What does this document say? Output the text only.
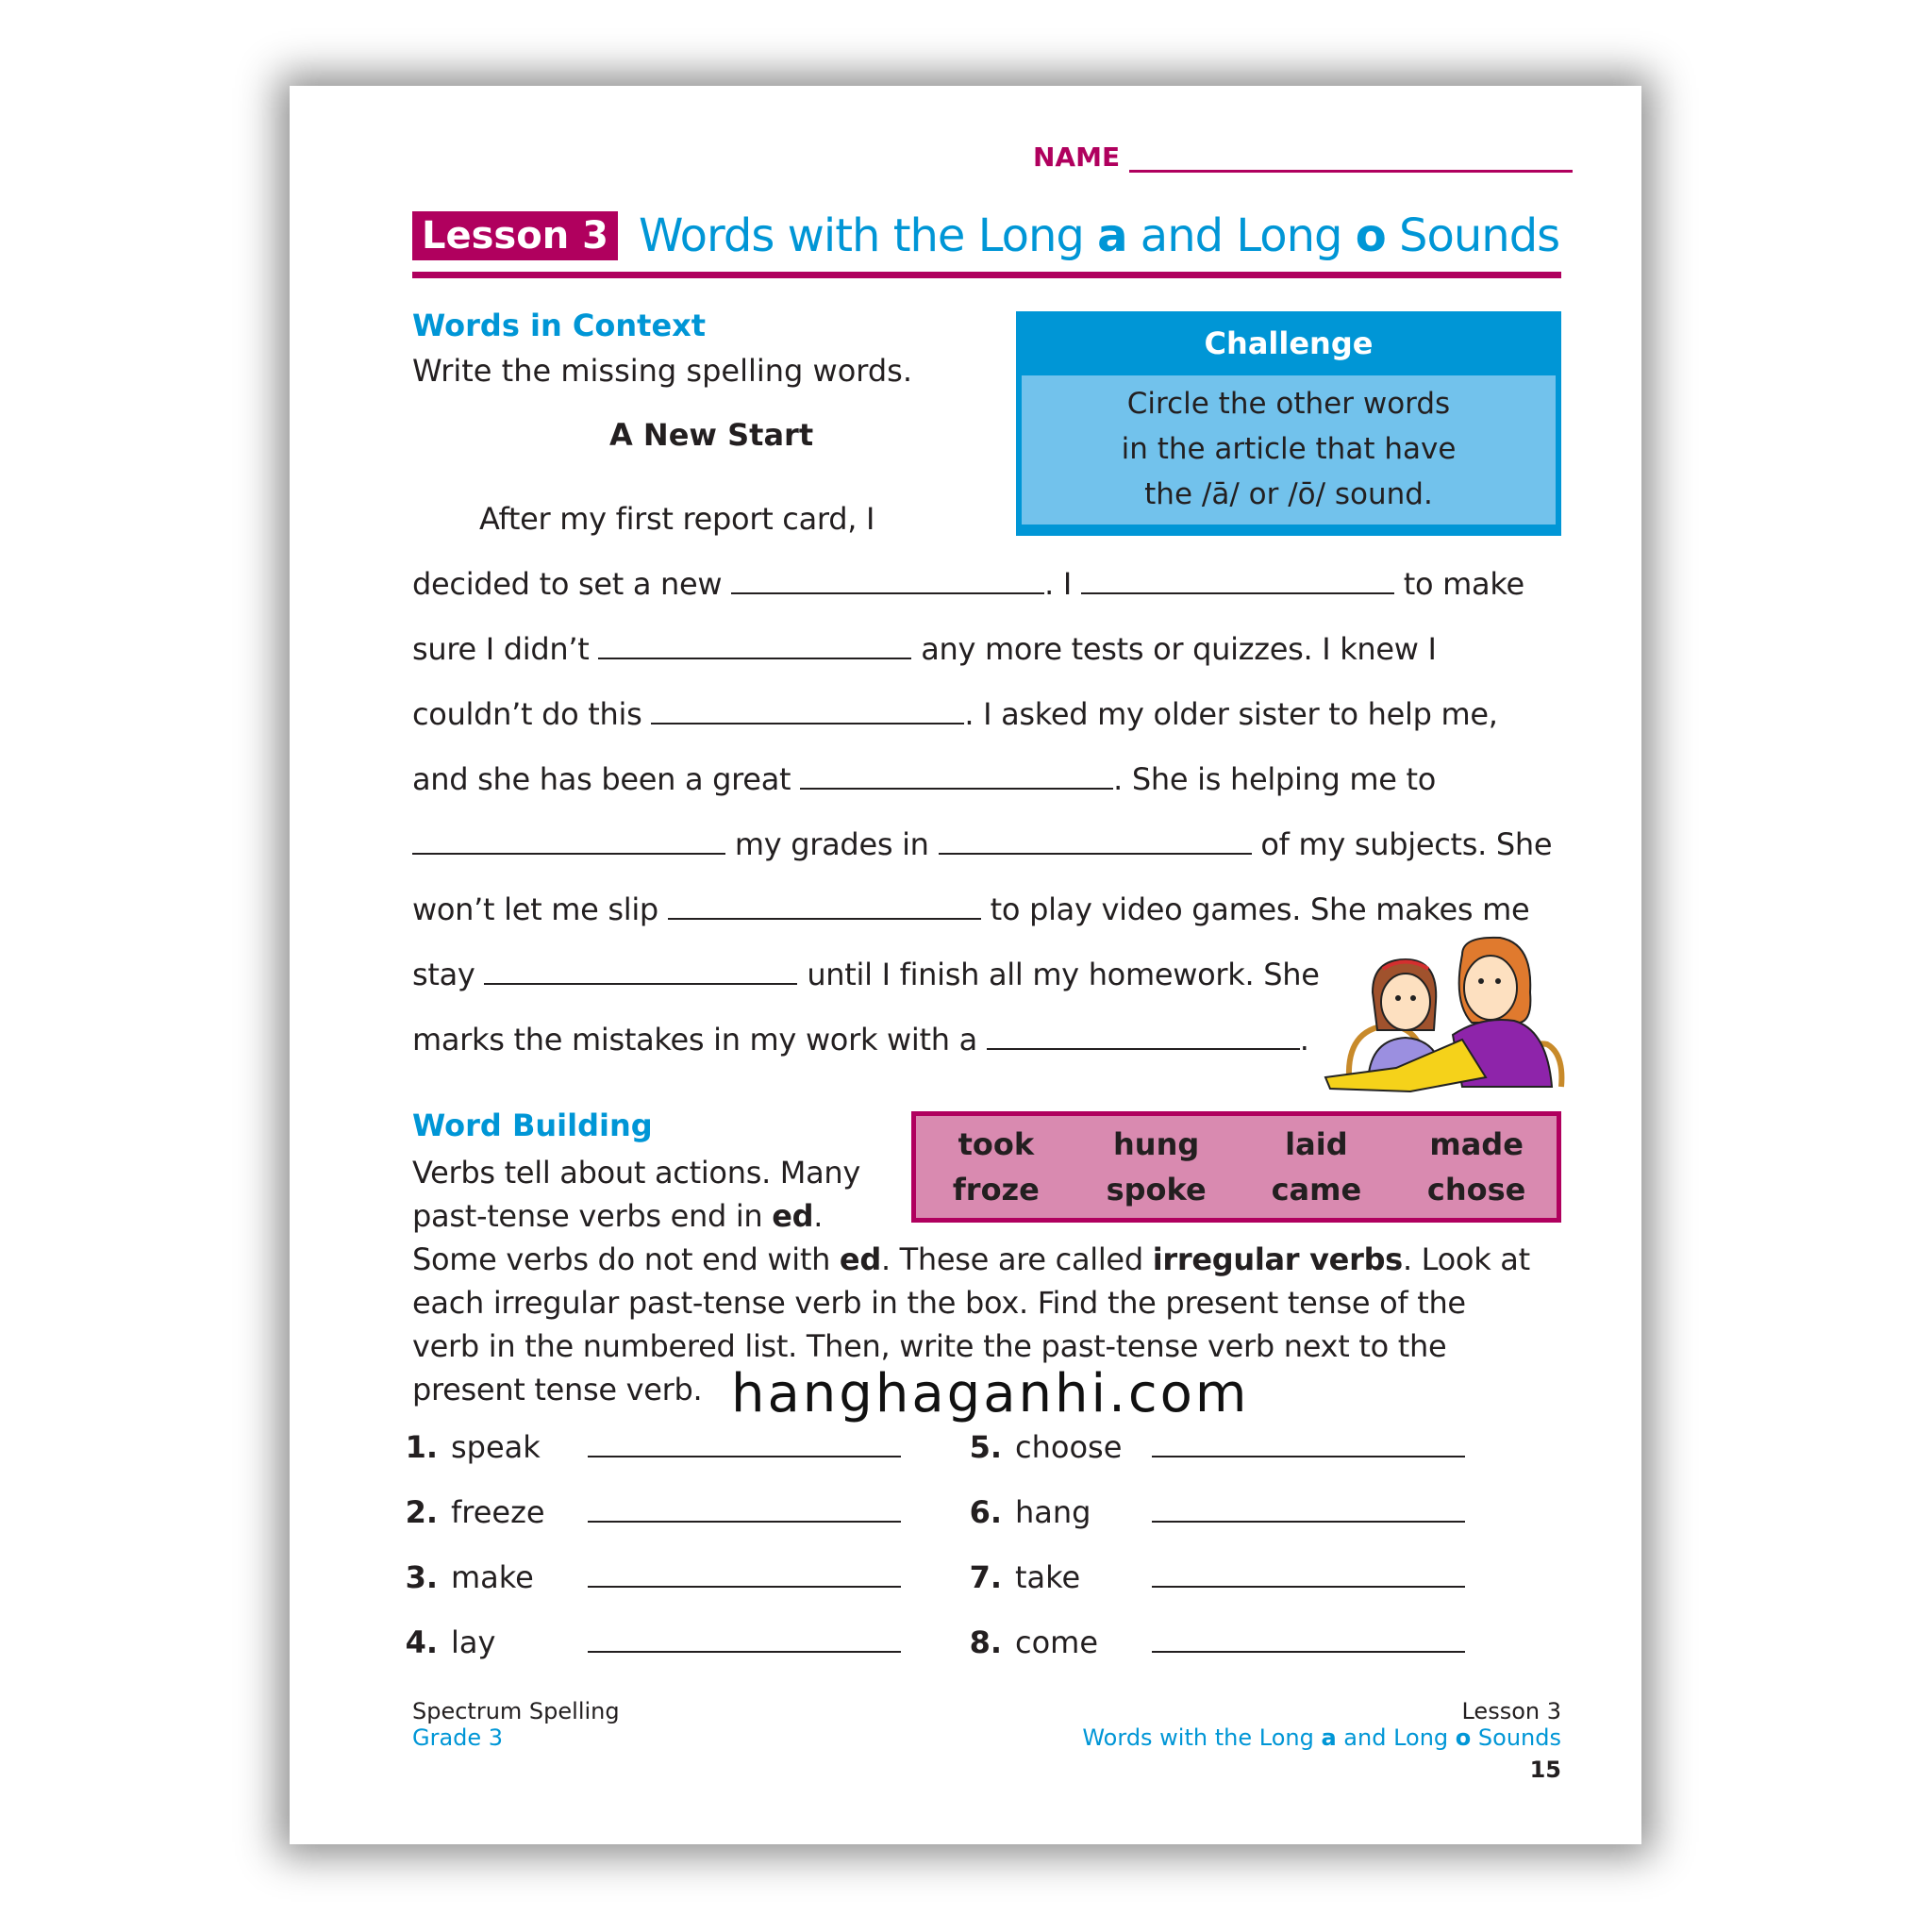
NAME
Lesson 3 Words with the Long a and Long o Sounds
Words in Context
Write the missing spelling words.
A New Start
Challenge
Circle the other words
in the article that have
the /ā/ or /ō/ sound.
After my first report card, I
decided to set a new	. I	to make
sure I didn’t	any more tests or quizzes. I knew I
couldn’t do this	. I asked my older sister to help me,
and she has been a great	. She is helping me to
my grades in	of my subjects. She
won’t let me slip	to play video games. She makes me
stay	until I finish all my homework. She
marks the mistakes in my work with a	.
Word Building
Verbs tell about actions. Many
past-tense verbs end in ed.
took	hung	laid	made
froze	spoke	came	chose
Some verbs do not end with ed. These are called irregular verbs. Look at
each irregular past-tense verb in the box. Find the present tense of the
verb in the numbered list. Then, write the past-tense verb next to the
present tense verb. hanghaganhi.com
1. speak
2. freeze
3. make
4. lay
5. choose
6. hang
7. take
8. come
Spectrum Spelling
Grade 3
Lesson 3
Words with the Long a and Long o Sounds
15
